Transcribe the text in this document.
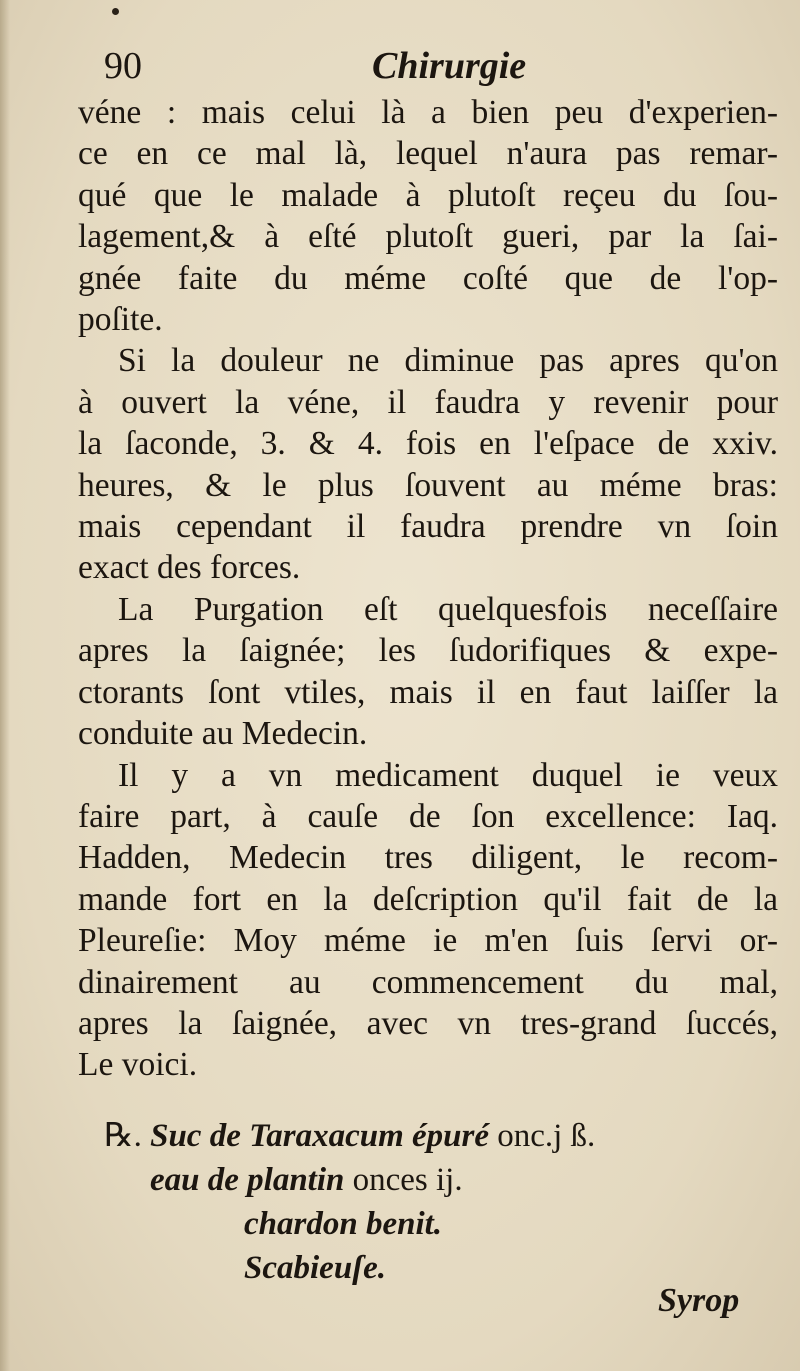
90	Chirurgie
véne : mais celui là a bien peu d'experien-
ce en ce mal là, lequel n'aura pas remar-
qué que le malade à plutoſt reçeu du ſou-
lagement,& à eſté plutoſt gueri, par la ſai-
gnée faite du méme coſté que de l'op-
poſite.
Si la douleur ne diminue pas apres qu'on
à ouvert la véne, il faudra y revenir pour
la ſaconde, 3. & 4. fois en l'eſpace de xxiv.
heures, & le plus ſouvent au méme bras:
mais cependant il faudra prendre vn ſoin
exact des forces.
La Purgation eſt quelquesfois neceſſaire
apres la ſaignée; les ſudorifiques & expe-
ctorants ſont vtiles, mais il en faut laiſſer la
conduite au Medecin.
Il y a vn medicament duquel ie veux
faire part, à cauſe de ſon excellence: Iaq.
Hadden, Medecin tres diligent, le recom-
mande fort en la deſcription qu'il fait de la
Pleureſie: Moy méme ie m'en ſuis ſervi or-
dinairement au commencement du mal,
apres la ſaignée, avec vn tres-grand ſuccés,
Le voici.
℞. Suc de Taraxacum épuré onc.j ß.
eau de plantin onces ij.
chardon benit.
Scabieuſe.
Syrop
